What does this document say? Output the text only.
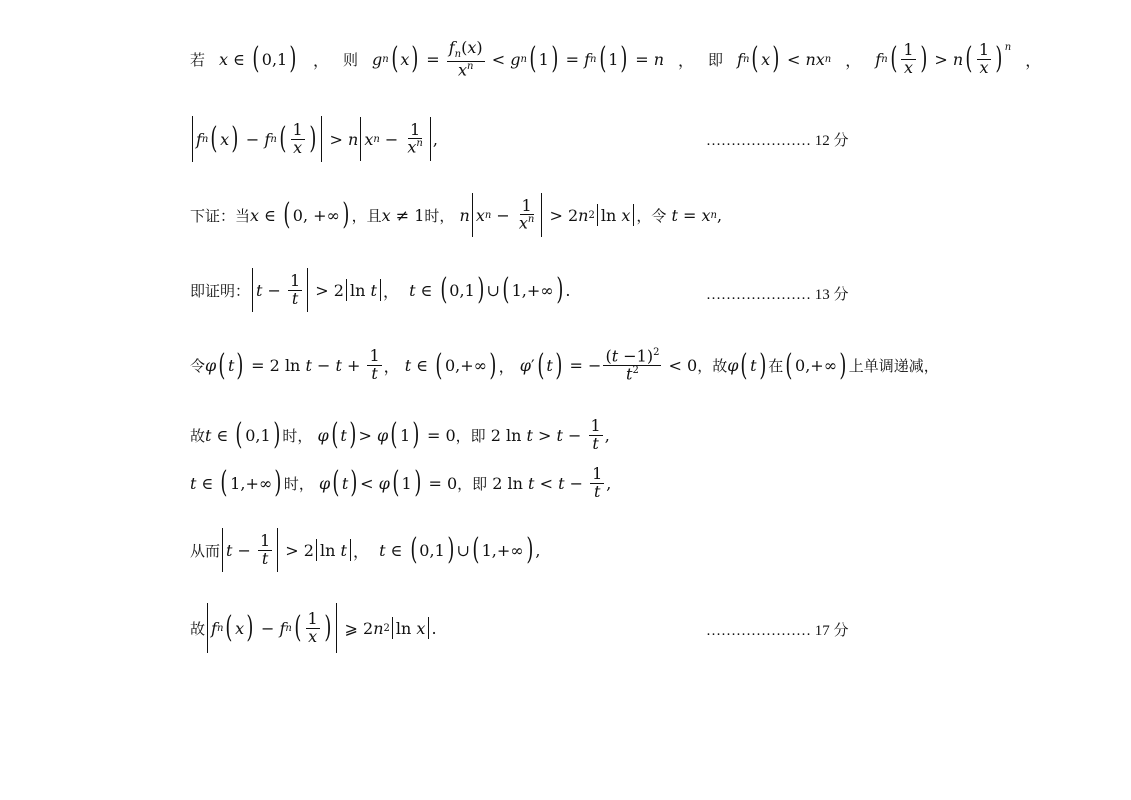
若 x ∈ ( 0,1 ) ， 则 g n ( x ) = $\frac{f_n(x)}{x^n} < g$ n ( 1 ) = f n ( 1 ) = n ， 即 f n ( x ) < nx n ， f n ( $\frac{1}{x}$ ) > n ( $\frac{1}{x}$ ) $^n$
，
f n ( x ) − f n ( $\frac{1}{x}$ ) > n x $n - \frac{1}{x^n}$ ,	………………… 12 分
下证：当 x ∈ ( 0, +∞ ) ，且 x ≠ 1 时，
n x $n - \frac{1}{x^n} > 2$ n 2 ln x ，令
t = x n ,
即证明： $t - \frac{1}{t} > 2$ ln t ， t ∈ ( 0,1 ) ∪ ( 1,+∞ ) .	………………… 13 分
令 φ ( t ) = 2 $\ln t - t + \frac{1}{t}$ ， t ∈ ( 0,+∞ ) ， φ ′ ( t ) = − $\frac{(t -1)^2}{t^2} < 0$ ，故 φ ( t ) 在 ( 0,+∞ ) 上单调递减，
故 t ∈ ( 0,1 ) 时，
φ ( t ) > φ ( 1 ) = 0 ，即 2 $\ln t > t - \frac{1}{t}$ ,
t ∈ ( 1,+∞ ) 时，
φ ( t ) < φ ( 1 ) = 0 ，即 2 $\ln t < t - \frac{1}{t}$ ,
从而 $t - \frac{1}{t} > 2$ ln t ， t ∈ ( 0,1 ) ∪ ( 1,+∞ ) ,
故 f n ( x ) − f n ( $\frac{1}{x}$ ) ⩾ 2 n 2 ln x .	………………… 17 分
